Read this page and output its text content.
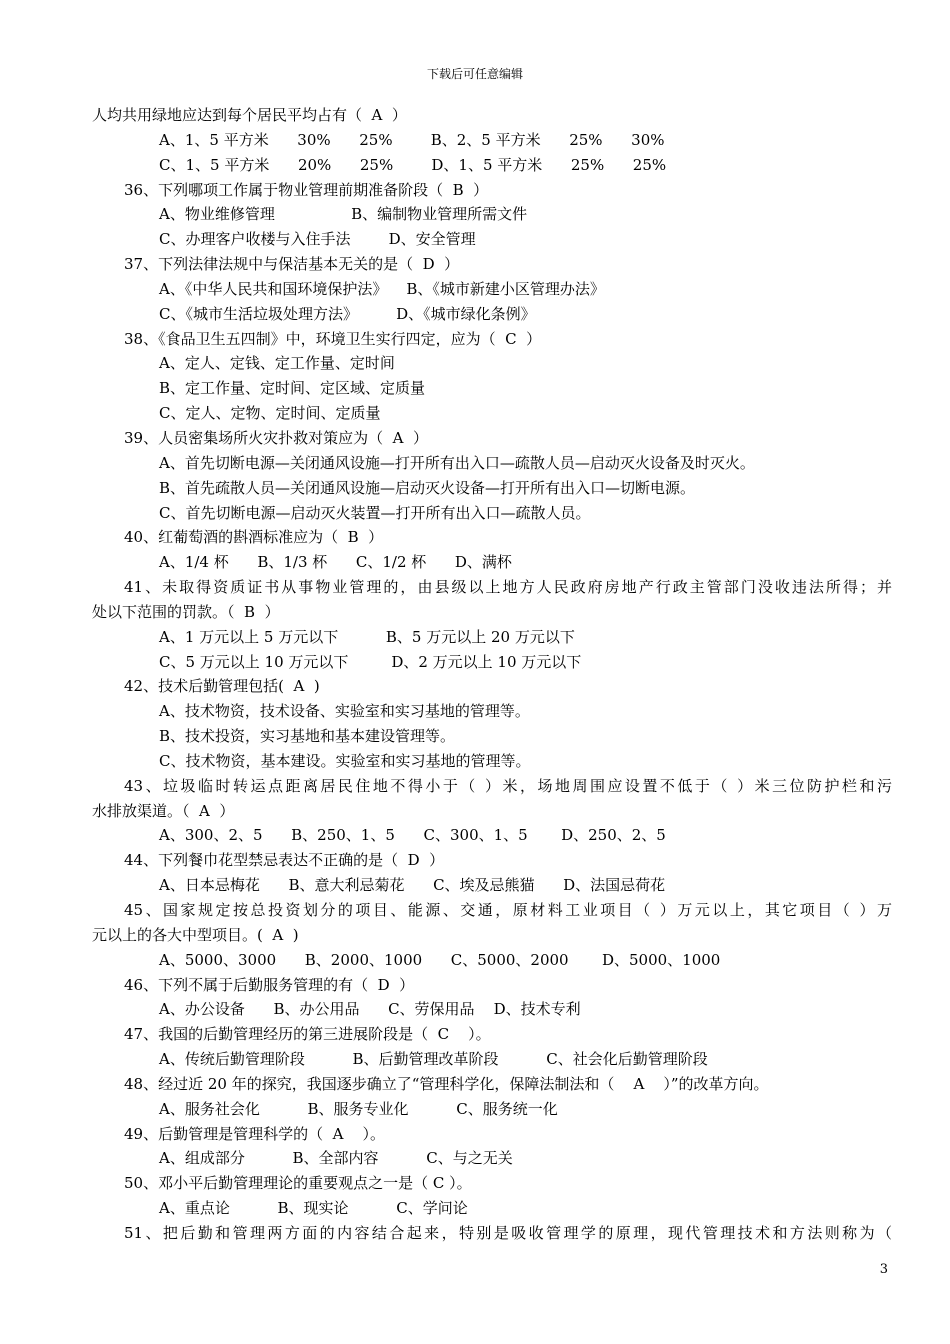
下载后可任意编辑
人均共用绿地应达到每个居民平均占有（  A  ）
A、1、5 平方米      30%      25%        B、2、5 平方米      25%      30%
C、1、5 平方米      20%      25%        D、1、5 平方米      25%      25%
36、下列哪项工作属于物业管理前期准备阶段（  B  ）
A、物业维修管理                B、编制物业管理所需文件
C、办理客户收楼与入住手法        D、安全管理
37、下列法律法规中与保洁基本无关的是（  D  ）
A、《中华人民共和国环境保护法》    B、《城市新建小区管理办法》
C、《城市生活垃圾处理方法》        D、《城市绿化条例》
38、《食品卫生五四制》中，环境卫生实行四定，应为（  C  ）
A、定人、定钱、定工作量、定时间
B、定工作量、定时间、定区域、定质量
C、定人、定物、定时间、定质量
39、人员密集场所火灾扑救对策应为（  A  ）
A、首先切断电源—关闭通风设施—打开所有出入口—疏散人员—启动灭火设备及时灭火。
B、首先疏散人员—关闭通风设施—启动灭火设备—打开所有出入口—切断电源。
C、首先切断电源—启动灭火装置—打开所有出入口—疏散人员。
40、红葡萄酒的斟酒标准应为（  B  ）
A、1/4 杯      B、1/3 杯      C、1/2 杯      D、满杯
41、未取得资质证书从事物业管理的，由县级以上地方人民政府房地产行政主管部门没收违法所得；并
处以下范围的罚款。（  B  ）
A、1 万元以上 5 万元以下          B、5 万元以上 20 万元以下
C、5 万元以上 10 万元以下         D、2 万元以上 10 万元以下
42、技术后勤管理包括(  A  )
A、技术物资，技术设备、实验室和实习基地的管理等。
B、技术投资，实习基地和基本建设管理等。
C、技术物资，基本建设。实验室和实习基地的管理等。
43、垃圾临时转运点距离居民住地不得小于（ ）米，场地周围应设置不低于（ ）米三位防护栏和污
水排放渠道。（  A  ）
A、300、2、5      B、250、1、5      C、300、1、5       D、250、2、5
44、下列餐巾花型禁忌表达不正确的是（  D  ）
A、日本忌梅花      B、意大利忌菊花      C、埃及忌熊猫      D、法国忌荷花
45、国家规定按总投资划分的项目、能源、交通，原材料工业项目（ ）万元以上，其它项目（ ）万
元以上的各大中型项目。(  A  )
A、5000、3000      B、2000、1000      C、5000、2000       D、5000、1000
46、下列不属于后勤服务管理的有（  D  ）
A、办公设备      B、办公用品      C、劳保用品    D、技术专利
47、我国的后勤管理经历的第三进展阶段是（  C    ）。
A、传统后勤管理阶段          B、后勤管理改革阶段          C、社会化后勤管理阶段
48、经过近 20 年的探究，我国逐步确立了“管理科学化，保障法制法和（    A    ）”的改革方向。
A、服务社会化          B、服务专业化          C、服务统一化
49、后勤管理是管理科学的（  A    ）。
A、组成部分          B、全部内容          C、与之无关
50、邓小平后勤管理理论的重要观点之一是（ C ）。
A、重点论          B、现实论          C、学问论
51、把后勤和管理两方面的内容结合起来，特别是吸收管理学的原理，现代管理技术和方法则称为（
3
